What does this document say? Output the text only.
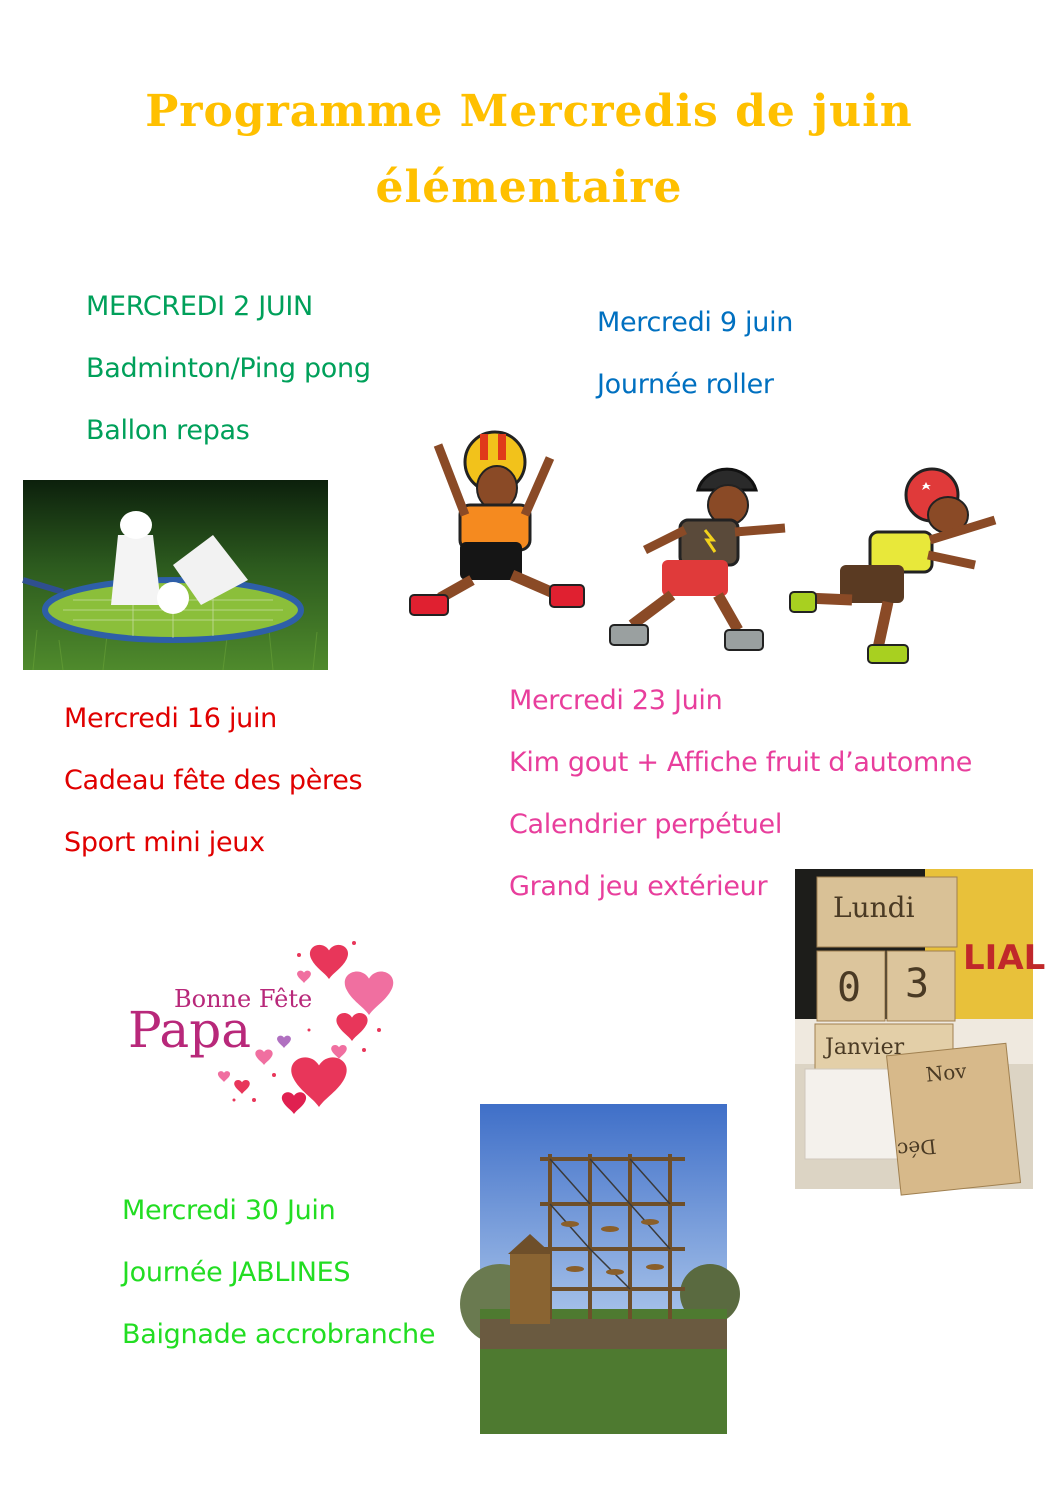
Programme Mercredis de juin
élémentaire
MERCREDI 2 JUIN
Badminton/Ping pong
Ballon repas
Mercredi 9 juin
Journée roller
Mercredi 16 juin
Cadeau fête des pères
Sport mini jeux
Mercredi 23 Juin
Kim gout + Affiche fruit d’automne
Calendrier perpétuel
Grand jeu extérieur
Mercredi 30 Juin
Journée JABLINES
Baignade accrobranche
Bonne Fête
Papa
LIAL
Lundi
0 3
Janvier
Nov
Déc
